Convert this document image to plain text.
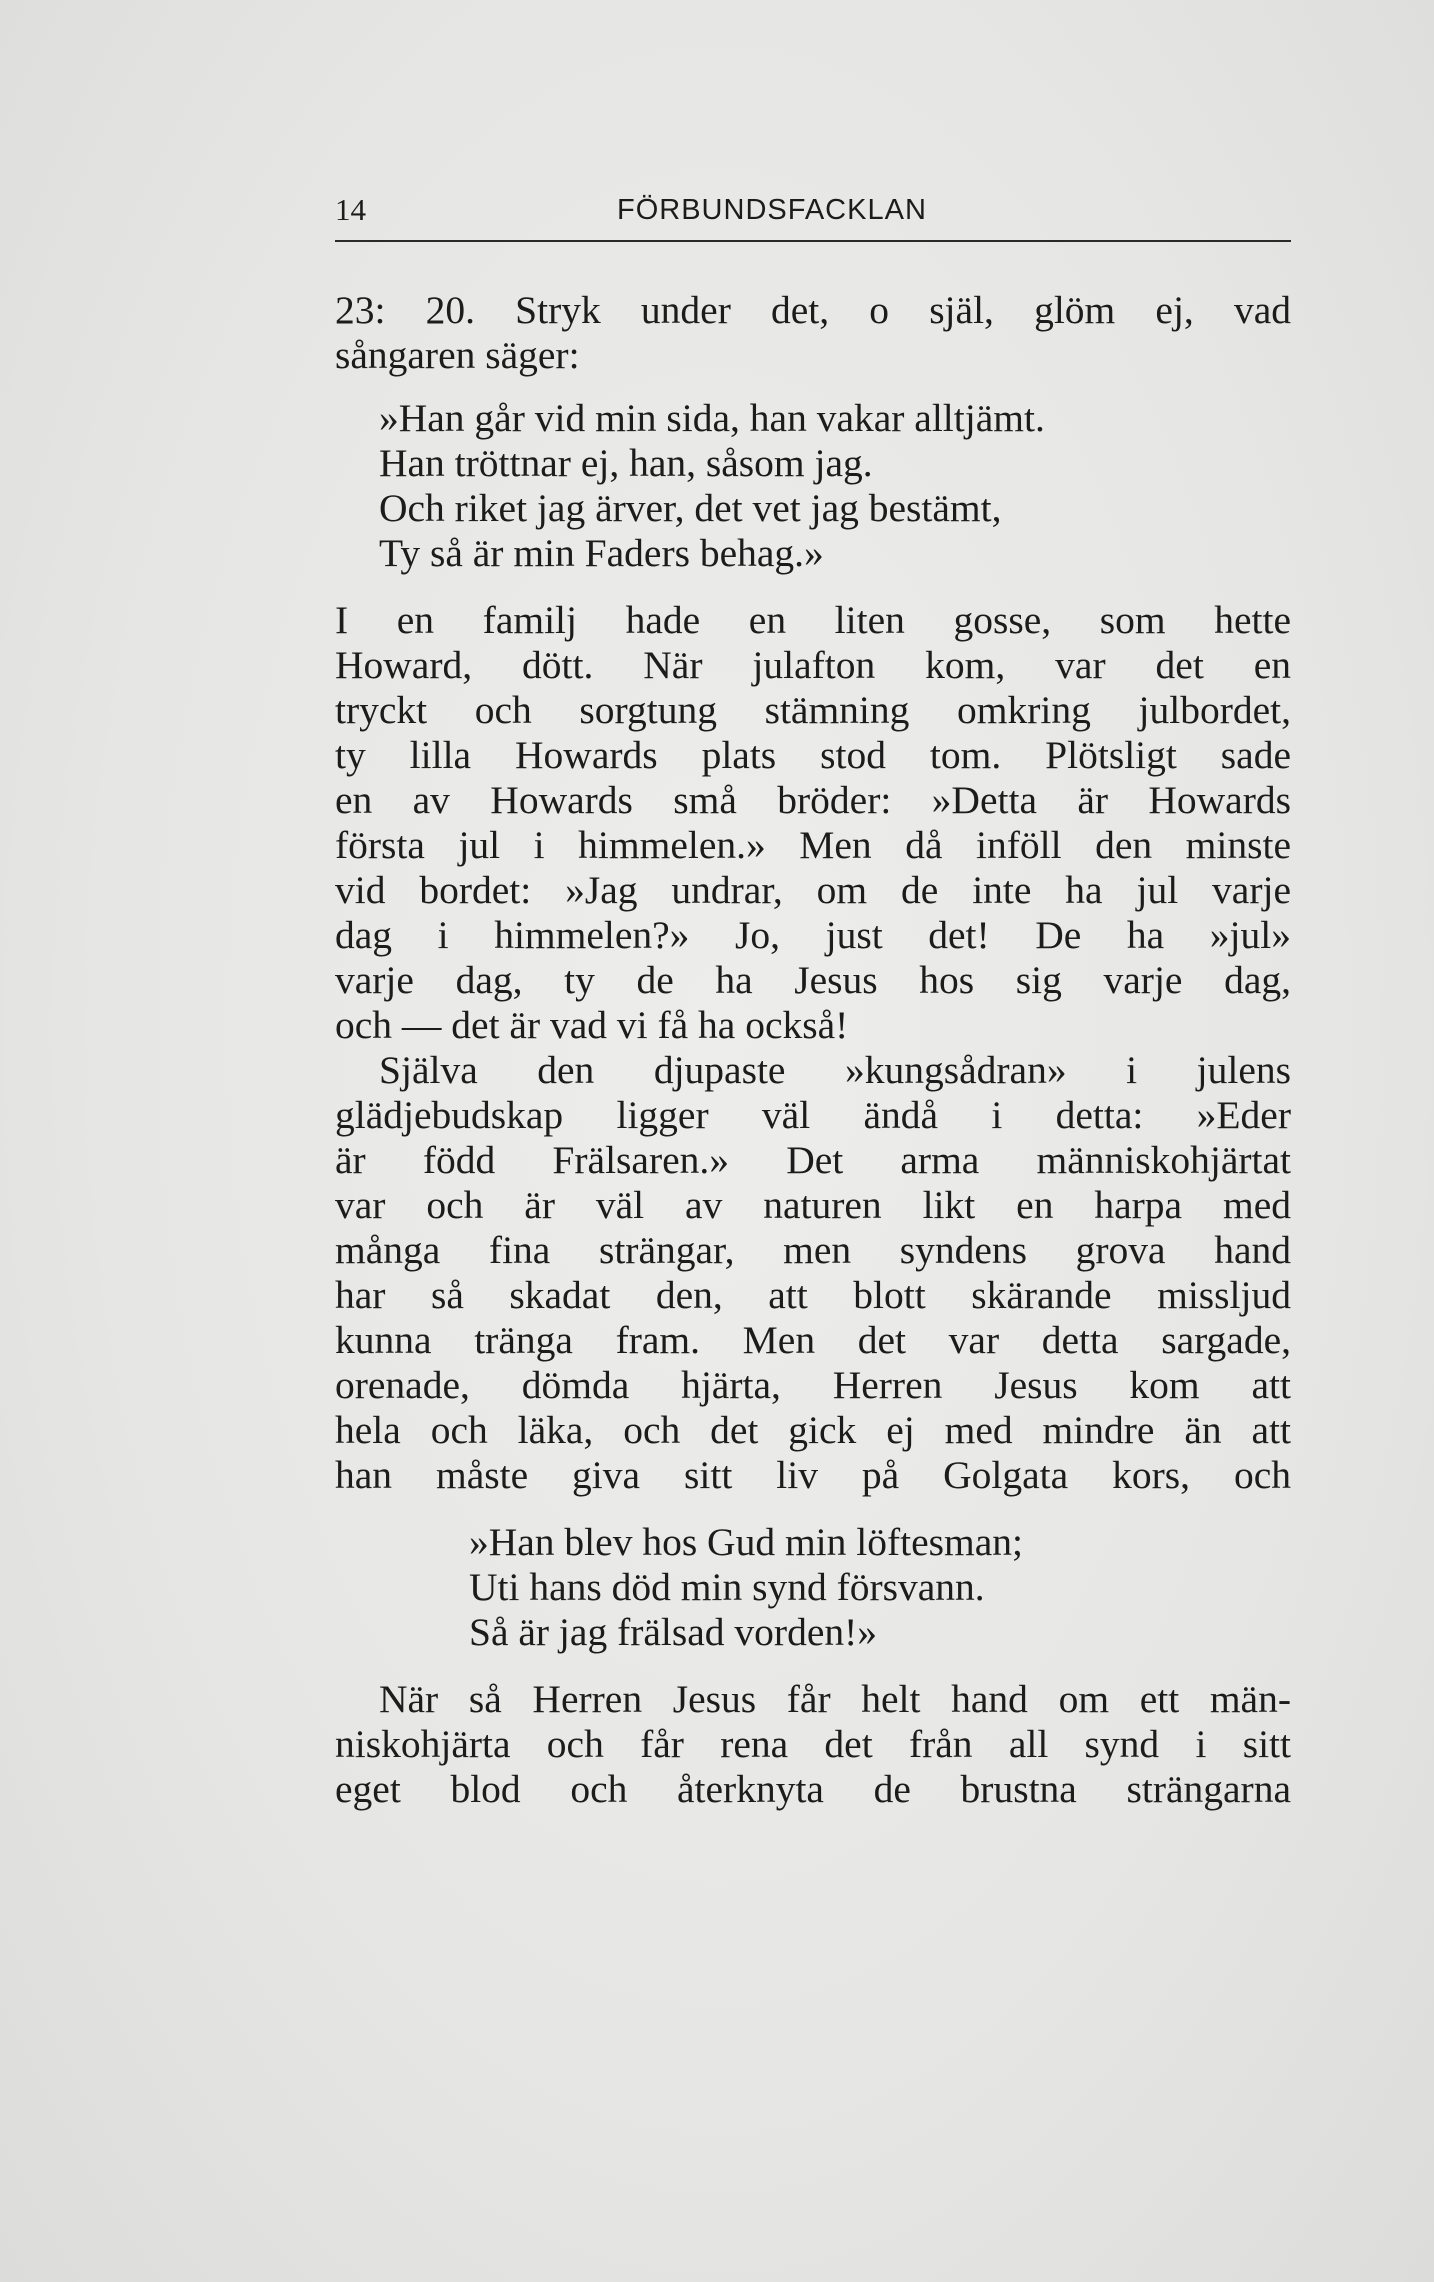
14	FÖRBUNDSFACKLAN
23: 20. Stryk under det, o själ, glöm ej, vad
sångaren säger:
»Han går vid min sida, han vakar alltjämt.
Han tröttnar ej, han, såsom jag.
Och riket jag ärver, det vet jag bestämt,
Ty så är min Faders behag.»
I en familj hade en liten gosse, som hette
Howard, dött. När julafton kom, var det en
tryckt och sorgtung stämning omkring julbordet,
ty lilla Howards plats stod tom. Plötsligt sade
en av Howards små bröder: »Detta är Howards
första jul i himmelen.» Men då inföll den minste
vid bordet: »Jag undrar, om de inte ha jul varje
dag i himmelen?» Jo, just det! De ha »jul»
varje dag, ty de ha Jesus hos sig varje dag,
och — det är vad vi få ha också!
Själva den djupaste »kungsådran» i julens
glädjebudskap ligger väl ändå i detta: »Eder
är född Frälsaren.» Det arma människohjärtat
var och är väl av naturen likt en harpa med
många fina strängar, men syndens grova hand
har så skadat den, att blott skärande missljud
kunna tränga fram. Men det var detta sargade,
orenade, dömda hjärta, Herren Jesus kom att
hela och läka, och det gick ej med mindre än att
han måste giva sitt liv på Golgata kors, och
»Han blev hos Gud min löftesman;
Uti hans död min synd försvann.
Så är jag frälsad vorden!»
När så Herren Jesus får helt hand om ett män-
niskohjärta och får rena det från all synd i sitt
eget blod och återknyta de brustna strängarna
